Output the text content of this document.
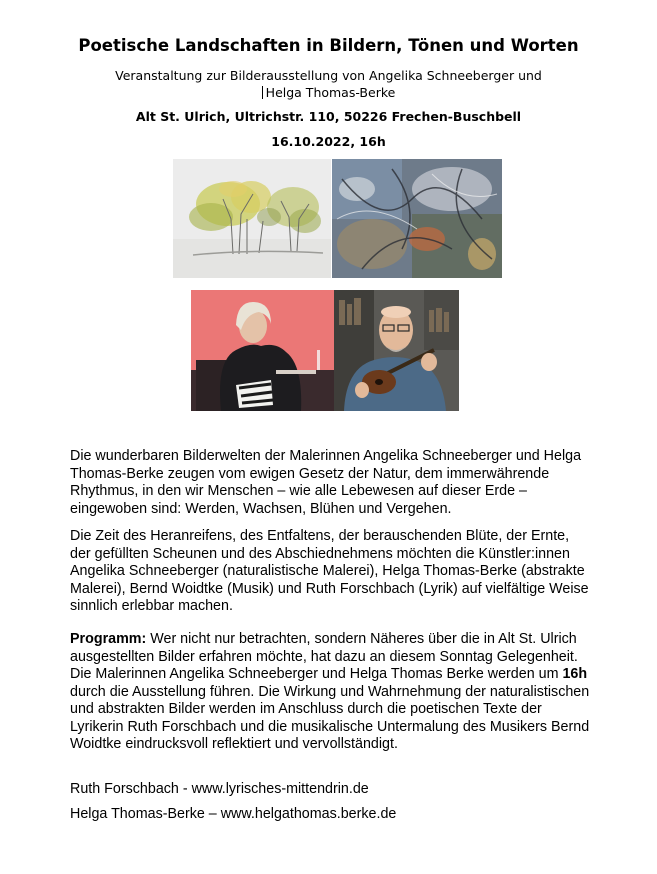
Poetische Landschaften in Bildern, Tönen und Worten
Veranstaltung zur Bilderausstellung von Angelika Schneeberger und
Helga Thomas-Berke
Alt St. Ulrich, Ultrichstr. 110, 50226 Frechen-Buschbell
16.10.2022, 16h

Die wunderbaren Bilderwelten der Malerinnen Angelika Schneeberger und Helga Thomas-Berke zeugen vom ewigen Gesetz der Natur, dem immerwährende Rhythmus, in den wir Menschen – wie alle Lebewesen auf dieser Erde – eingewoben sind: Werden, Wachsen, Blühen und Vergehen.

Die Zeit des Heranreifens, des Entfaltens, der berauschenden Blüte, der Ernte, der gefüllten Scheunen und des Abschiednehmens möchten die Künstler:innen Angelika Schneeberger (naturalistische Malerei), Helga Thomas-Berke (abstrakte Malerei), Bernd Woidtke (Musik) und Ruth Forschbach (Lyrik) auf vielfältige Weise sinnlich erlebbar machen.

Programm: Wer nicht nur betrachten, sondern Näheres über die in Alt St. Ulrich ausgestellten Bilder erfahren möchte, hat dazu an diesem Sonntag Gelegenheit. Die Malerinnen Angelika Schneeberger und Helga Thomas Berke werden um 16h durch die Ausstellung führen. Die Wirkung und Wahrnehmung der naturalistischen und abstrakten Bilder werden im Anschluss durch die poetischen Texte der Lyrikerin Ruth Forschbach und die musikalische Untermalung des Musikers Bernd Woidtke eindrucksvoll reflektiert und vervollständigt.

Ruth Forschbach - www.lyrisches-mittendrin.de

Helga Thomas-Berke – www.helgathomas.berke.de
